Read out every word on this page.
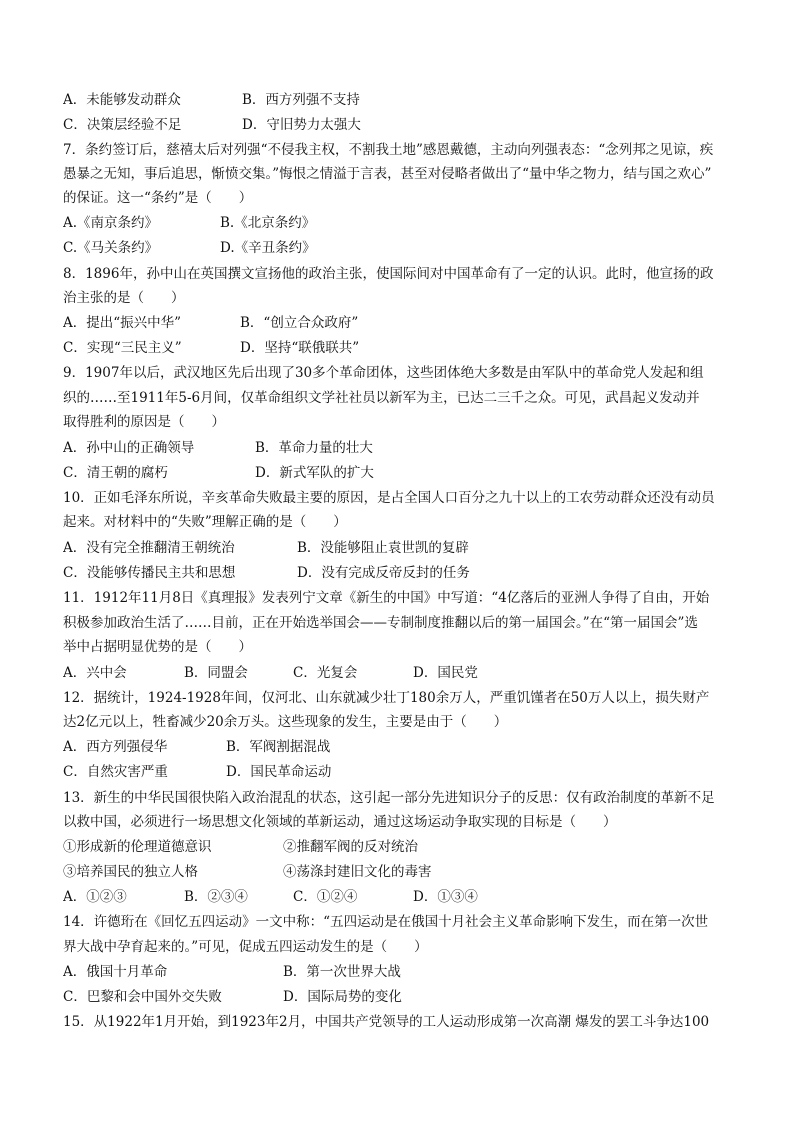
A．未能够发动群众	B．西方列强不支持
C．决策层经验不足	D．守旧势力太强大
7．条约签订后，慈禧太后对列强“不侵我主权，不割我土地”感恩戴德，主动向列强表态：“念列邦之见谅，疾
愚暴之无知，事后追思，惭愤交集。”悔恨之情溢于言表，甚至对侵略者做出了“量中华之物力，结与国之欢心”
的保证。这一“条约”是（　　）
A.《南京条约》	B.《北京条约》
C.《马关条约》	D.《辛丑条约》
8．1896年，孙中山在英国撰文宣扬他的政治主张，使国际间对中国革命有了一定的认识。此时，他宣扬的政
治主张的是（　　）
A．提出“振兴中华”	B．“创立合众政府”
C．实现“三民主义”	D．坚持“联俄联共”
9．1907年以后，武汉地区先后出现了30多个革命团体，这些团体绝大多数是由军队中的革命党人发起和组
织的……至1911年5-6月间，仅革命组织文学社社员以新军为主，已达二三千之众。可见，武昌起义发动并
取得胜利的原因是（　　）
A．孙中山的正确领导	B．革命力量的壮大
C．清王朝的腐朽	D．新式军队的扩大
10．正如毛泽东所说，辛亥革命失败最主要的原因，是占全国人口百分之九十以上的工农劳动群众还没有动员
起来。对材料中的“失败”理解正确的是（　　）
A．没有完全推翻清王朝统治	B．没能够阻止袁世凯的复辟
C．没能够传播民主共和思想	D．没有完成反帝反封的任务
11．1912年11月8日《真理报》发表列宁文章《新生的中国》中写道：“4亿落后的亚洲人争得了自由，开始
积极参加政治生活了……目前，正在开始选举国会——专制制度推翻以后的第一届国会。”在“第一届国会”选
举中占据明显优势的是（　　）
A．兴中会	B．同盟会	C．光复会	D．国民党
12．据统计，1924-1928年间，仅河北、山东就减少壮丁180余万人，严重饥馑者在50万人以上，损失财产
达2亿元以上，牲畜减少20余万头。这些现象的发生，主要是由于（　　）
A．西方列强侵华	B．军阀割据混战
C．自然灾害严重	D．国民革命运动
13．新生的中华民国很快陷入政治混乱的状态，这引起一部分先进知识分子的反思：仅有政治制度的革新不足
以救中国，必须进行一场思想文化领域的革新运动，通过这场运动争取实现的目标是（　　）
①形成新的伦理道德意识	②推翻军阀的反对统治
③培养国民的独立人格	④荡涤封建旧文化的毒害
A．①②③	B．②③④	C．①②④	D．①③④
14．许德珩在《回忆五四运动》一文中称：“五四运动是在俄国十月社会主义革命影响下发生，而在第一次世
界大战中孕育起来的。”可见，促成五四运动发生的是（　　）
A．俄国十月革命	B．第一次世界大战
C．巴黎和会中国外交失败	D．国际局势的变化
15．从1922年1月开始，到1923年2月，中国共产党领导的工人运动形成第一次高潮 爆发的罢工斗争达100
